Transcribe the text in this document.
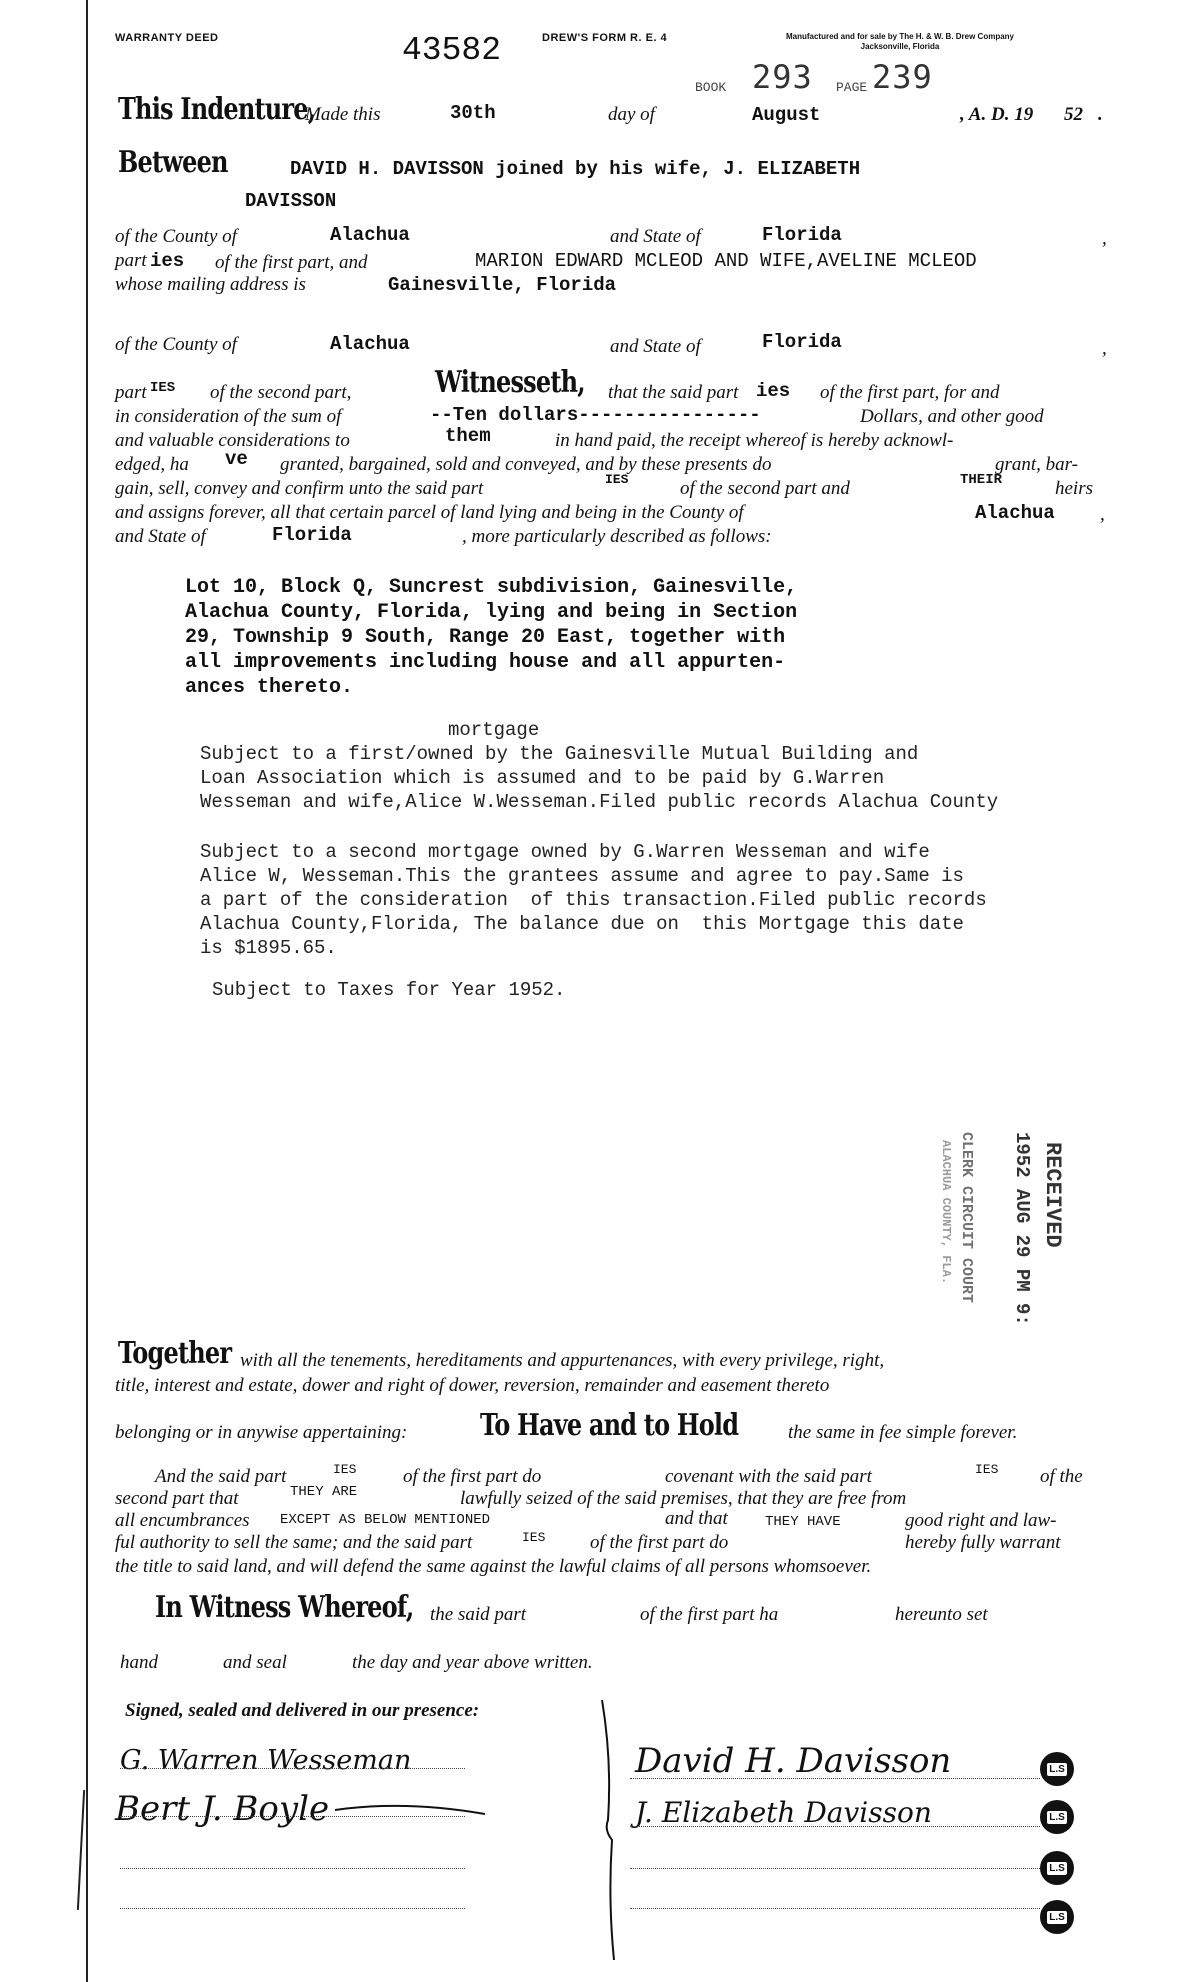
WARRANTY DEED	43582	DREW'S FORM R. E. 4	Manufactured and for sale by The H. & W. B. Drew Company
Jacksonville, Florida
BOOK 293 PAGE 239
This Indenture,
Made this	30th	day of	August	, A. D. 19 52 .
Between	DAVID H. DAVISSON joined by his wife, J. ELIZABETH
DAVISSON
of the County of	Alachua	and State of	Florida	,
part ies of the first part, and	MARION EDWARD MCLEOD AND WIFE,AVELINE MCLEOD
whose mailing address is	Gainesville, Florida
of the County of	Alachua	and State of	Florida	,
part IES of the second part,	Witnesseth, that the said part ies of the first part, for and
in consideration of the sum of	--Ten dollars----------------	Dollars, and other good
and valuable considerations to	them	in hand paid, the receipt whereof is hereby acknowl-
edged, ha ve granted, bargained, sold and conveyed, and by these presents do	grant, bar-
gain, sell, convey and confirm unto the said part	IES	of the second part and	THEIR	heirs
and assigns forever, all that certain parcel of land lying and being in the County of	Alachua ,
and State of	Florida	, more particularly described as follows:
Lot 10, Block Q, Suncrest subdivision, Gainesville,
Alachua County, Florida, lying and being in Section
29, Township 9 South, Range 20 East, together with
all improvements including house and all appurten-
ances thereto.
mortgage
Subject to a first/owned by the Gainesville Mutual Building and
Loan Association which is assumed and to be paid by G.Warren
Wesseman and wife,Alice W.Wesseman.Filed public records Alachua County
Subject to a second mortgage owned by G.Warren Wesseman and wife
Alice W, Wesseman.This the grantees assume and agree to pay.Same is
a part of the consideration  of this transaction.Filed public records
Alachua County,Florida, The balance due on  this Mortgage this date
is $1895.65.
Subject to Taxes for Year 1952.
RECEIVED
1952 AUG 29 PM 9:
CLERK CIRCUIT COURT
ALACHUA COUNTY, FLA.
Together with all the tenements, hereditaments and appurtenances, with every privilege, right,
title, interest and estate, dower and right of dower, reversion, remainder and easement thereto
belonging or in anywise appertaining: To Have and to Hold	the same in fee simple forever.
And the said part	IES of the first part do	covenant with the said part	IES of the
second part that	THEY ARE	lawfully seized of the said premises, that they are free from
all encumbrances EXCEPT AS BELOW MENTIONED	and that	THEY HAVE	good right and law-
ful authority to sell the same; and the said part	IES of the first part do	hereby fully warrant
the title to said land, and will defend the same against the lawful claims of all persons whomsoever.
In Witness Whereof, the said part	of the first part ha	hereunto set
hand	and seal	the day and year above written.
Signed, sealed and delivered in our presence:
G. Warren Wesseman
Bert J. Boyle
David H. Davisson
J. Elizabeth Davisson
L.S
L.S
L.S
L.S
